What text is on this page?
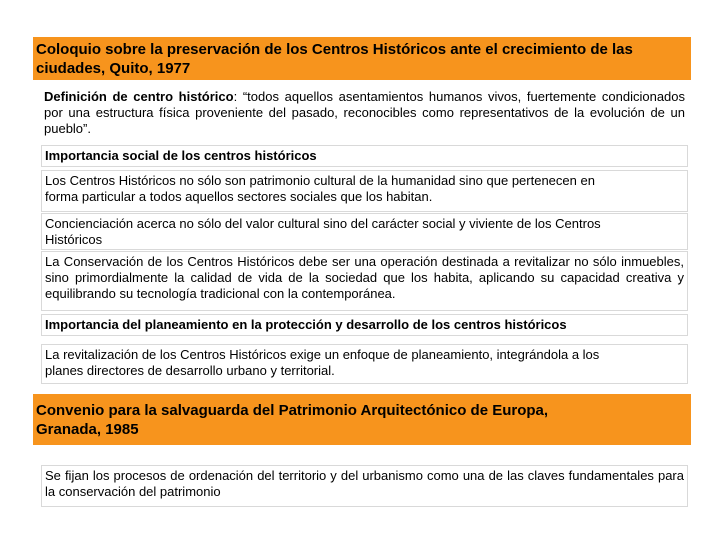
Coloquio sobre la preservación de los Centros Históricos ante el crecimiento de las
ciudades, Quito, 1977
Definición de centro histórico: “todos aquellos asentamientos humanos vivos, fuertemente condicionados por una estructura física proveniente del pasado, reconocibles como representativos de la evolución de un pueblo”.
Importancia social de los centros históricos
Los Centros Históricos no sólo son patrimonio cultural de la humanidad sino que pertenecen en
forma particular a todos aquellos sectores sociales que los habitan.
Concienciación acerca no sólo del valor cultural sino del carácter social y viviente de los Centros
Históricos
La Conservación de los Centros Históricos debe ser una operación destinada a revitalizar no sólo inmuebles, sino primordialmente la calidad de vida de la sociedad que los habita, aplicando su capacidad creativa y equilibrando su tecnología tradicional con la contemporánea.
Importancia del planeamiento en la protección y desarrollo de los centros históricos
La revitalización de los Centros Históricos exige un enfoque de planeamiento, integrándola a los
planes directores de desarrollo urbano y territorial.
Convenio para la salvaguarda del Patrimonio Arquitectónico de Europa,
Granada, 1985
Se fijan los procesos de ordenación del territorio y del urbanismo como una de las claves fundamentales para la conservación del patrimonio
